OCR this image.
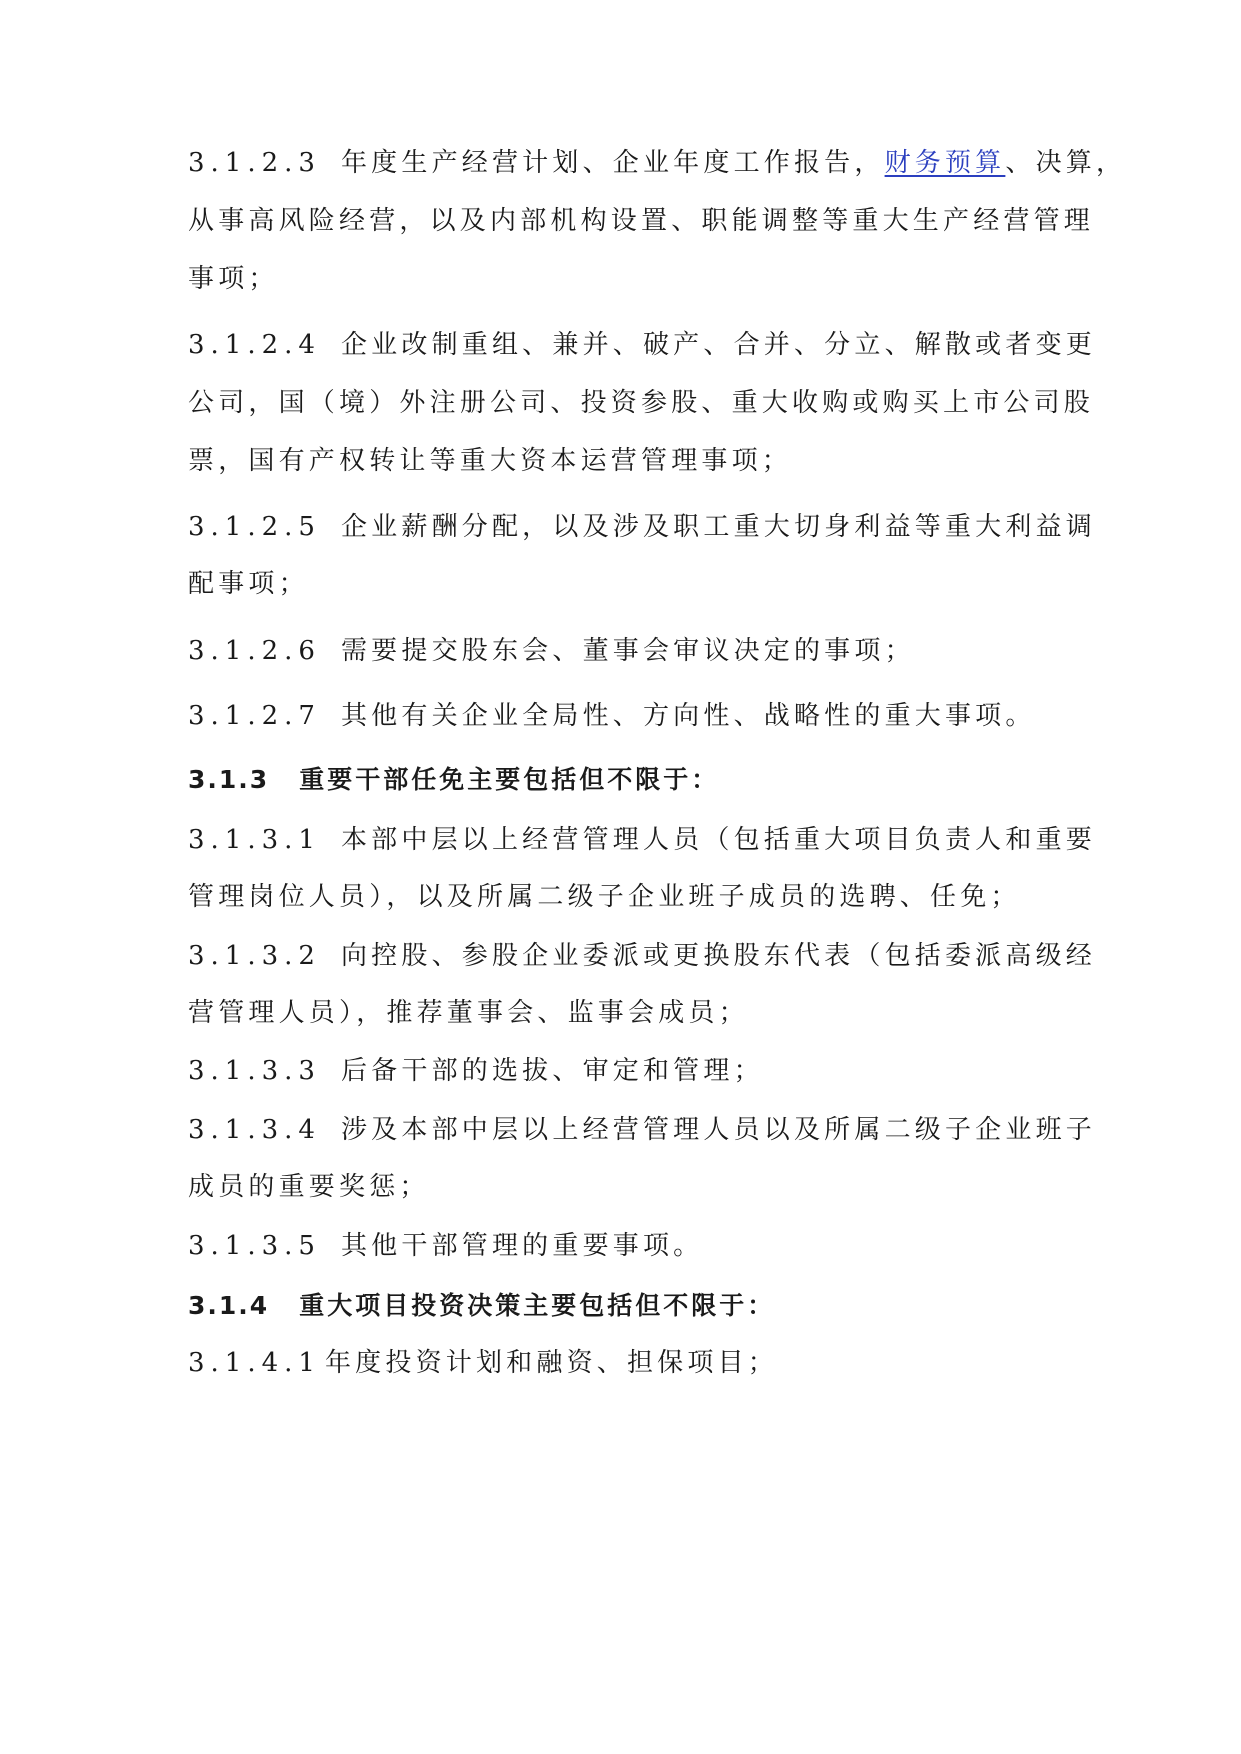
3.1.2.3 年度生产经营计划、企业年度工作报告，财务预算、决算，
从事高风险经营，以及内部机构设置、职能调整等重大生产经营管理
事项；
3.1.2.4 企业改制重组、兼并、破产、合并、分立、解散或者变更
公司，国（境）外注册公司、投资参股、重大收购或购买上市公司股
票，国有产权转让等重大资本运营管理事项；
3.1.2.5 企业薪酬分配，以及涉及职工重大切身利益等重大利益调
配事项；
3.1.2.6 需要提交股东会、董事会审议决定的事项；
3.1.2.7 其他有关企业全局性、方向性、战略性的重大事项。
3.1.3 重要干部任免主要包括但不限于：
3.1.3.1 本部中层以上经营管理人员（包括重大项目负责人和重要
管理岗位人员），以及所属二级子企业班子成员的选聘、任免；
3.1.3.2 向控股、参股企业委派或更换股东代表（包括委派高级经
营管理人员），推荐董事会、监事会成员；
3.1.3.3 后备干部的选拔、审定和管理；
3.1.3.4 涉及本部中层以上经营管理人员以及所属二级子企业班子
成员的重要奖惩；
3.1.3.5 其他干部管理的重要事项。
3.1.4 重大项目投资决策主要包括但不限于：
3.1.4.1 年度投资计划和融资、担保项目；
